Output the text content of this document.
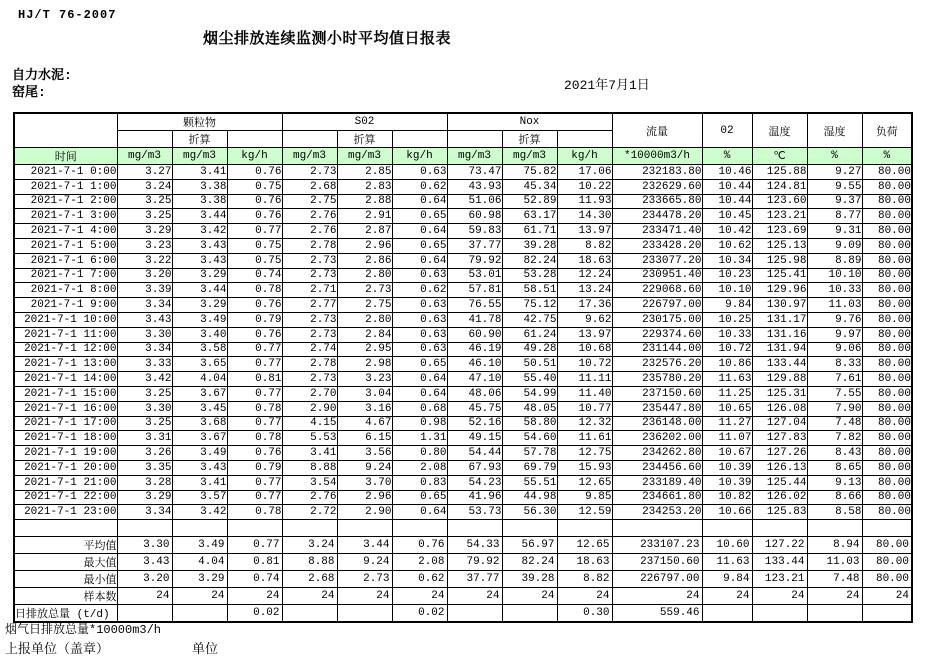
HJ/T 76-2007
烟尘排放连续监测小时平均值日报表
自力水泥:
窑尾:	2021年7月1日
	颗粒物			S02			Nox			流量	02	温度	湿度	负荷
		折算			折算			折算						
时间	mg/m3	mg/m3	kg/h	mg/m3	mg/m3	kg/h	mg/m3	mg/m3	kg/h	*10000m3/h	%	℃	%	%
2021-7-1 0:00	3.27	3.41	0.76	2.73	2.85	0.63	73.47	75.82	17.06	232183.80	10.46	125.88	9.27	80.00
2021-7-1 1:00	3.24	3.38	0.75	2.68	2.83	0.62	43.93	45.34	10.22	232629.60	10.44	124.81	9.55	80.00
2021-7-1 2:00	3.25	3.38	0.76	2.75	2.88	0.64	51.06	52.89	11.93	233665.80	10.44	123.60	9.37	80.00
2021-7-1 3:00	3.25	3.44	0.76	2.76	2.91	0.65	60.98	63.17	14.30	234478.20	10.45	123.21	8.77	80.00
2021-7-1 4:00	3.29	3.42	0.77	2.76	2.87	0.64	59.83	61.71	13.97	233471.40	10.42	123.69	9.31	80.00
2021-7-1 5:00	3.23	3.43	0.75	2.78	2.96	0.65	37.77	39.28	8.82	233428.20	10.62	125.13	9.09	80.00
2021-7-1 6:00	3.22	3.43	0.75	2.73	2.86	0.64	79.92	82.24	18.63	233077.20	10.34	125.98	8.89	80.00
2021-7-1 7:00	3.20	3.29	0.74	2.73	2.80	0.63	53.01	53.28	12.24	230951.40	10.23	125.41	10.10	80.00
2021-7-1 8:00	3.39	3.44	0.78	2.71	2.73	0.62	57.81	58.51	13.24	229068.60	10.10	129.96	10.33	80.00
2021-7-1 9:00	3.34	3.29	0.76	2.77	2.75	0.63	76.55	75.12	17.36	226797.00	9.84	130.97	11.03	80.00
2021-7-1 10:00	3.43	3.49	0.79	2.73	2.80	0.63	41.78	42.75	9.62	230175.00	10.25	131.17	9.76	80.00
2021-7-1 11:00	3.30	3.40	0.76	2.73	2.84	0.63	60.90	61.24	13.97	229374.60	10.33	131.16	9.97	80.00
2021-7-1 12:00	3.34	3.58	0.77	2.74	2.95	0.63	46.19	49.28	10.68	231144.00	10.72	131.94	9.06	80.00
2021-7-1 13:00	3.33	3.65	0.77	2.78	2.98	0.65	46.10	50.51	10.72	232576.20	10.86	133.44	8.33	80.00
2021-7-1 14:00	3.42	4.04	0.81	2.73	3.23	0.64	47.10	55.40	11.11	235780.20	11.63	129.88	7.61	80.00
2021-7-1 15:00	3.25	3.67	0.77	2.70	3.04	0.64	48.06	54.99	11.40	237150.60	11.25	125.31	7.55	80.00
2021-7-1 16:00	3.30	3.45	0.78	2.90	3.16	0.68	45.75	48.05	10.77	235447.80	10.65	126.08	7.90	80.00
2021-7-1 17:00	3.25	3.68	0.77	4.15	4.67	0.98	52.16	58.80	12.32	236148.00	11.27	127.04	7.48	80.00
2021-7-1 18:00	3.31	3.67	0.78	5.53	6.15	1.31	49.15	54.60	11.61	236202.00	11.07	127.83	7.82	80.00
2021-7-1 19:00	3.26	3.49	0.76	3.41	3.56	0.80	54.44	57.78	12.75	234262.80	10.67	127.26	8.43	80.00
2021-7-1 20:00	3.35	3.43	0.79	8.88	9.24	2.08	67.93	69.79	15.93	234456.60	10.39	126.13	8.65	80.00
2021-7-1 21:00	3.28	3.41	0.77	3.54	3.70	0.83	54.23	55.51	12.65	233189.40	10.39	125.44	9.13	80.00
2021-7-1 22:00	3.29	3.57	0.77	2.76	2.96	0.65	41.96	44.98	9.85	234661.80	10.82	126.02	8.66	80.00
2021-7-1 23:00	3.34	3.42	0.78	2.72	2.90	0.64	53.73	56.30	12.59	234253.20	10.66	125.83	8.58	80.00

平均值	3.30	3.49	0.77	3.24	3.44	0.76	54.33	56.97	12.65	233107.23	10.60	127.22	8.94	80.00
最大值	3.43	4.04	0.81	8.88	9.24	2.08	79.92	82.24	18.63	237150.60	11.63	133.44	11.03	80.00
最小值	3.20	3.29	0.74	2.68	2.73	0.62	37.77	39.28	8.82	226797.00	9.84	123.21	7.48	80.00
样本数	24	24	24	24	24	24	24	24	24	24	24	24	24	24
日排放总量 (t/d)			0.02			0.02			0.30	559.46				
烟气日排放总量*10000m3/h
上报单位（盖章）	单位
